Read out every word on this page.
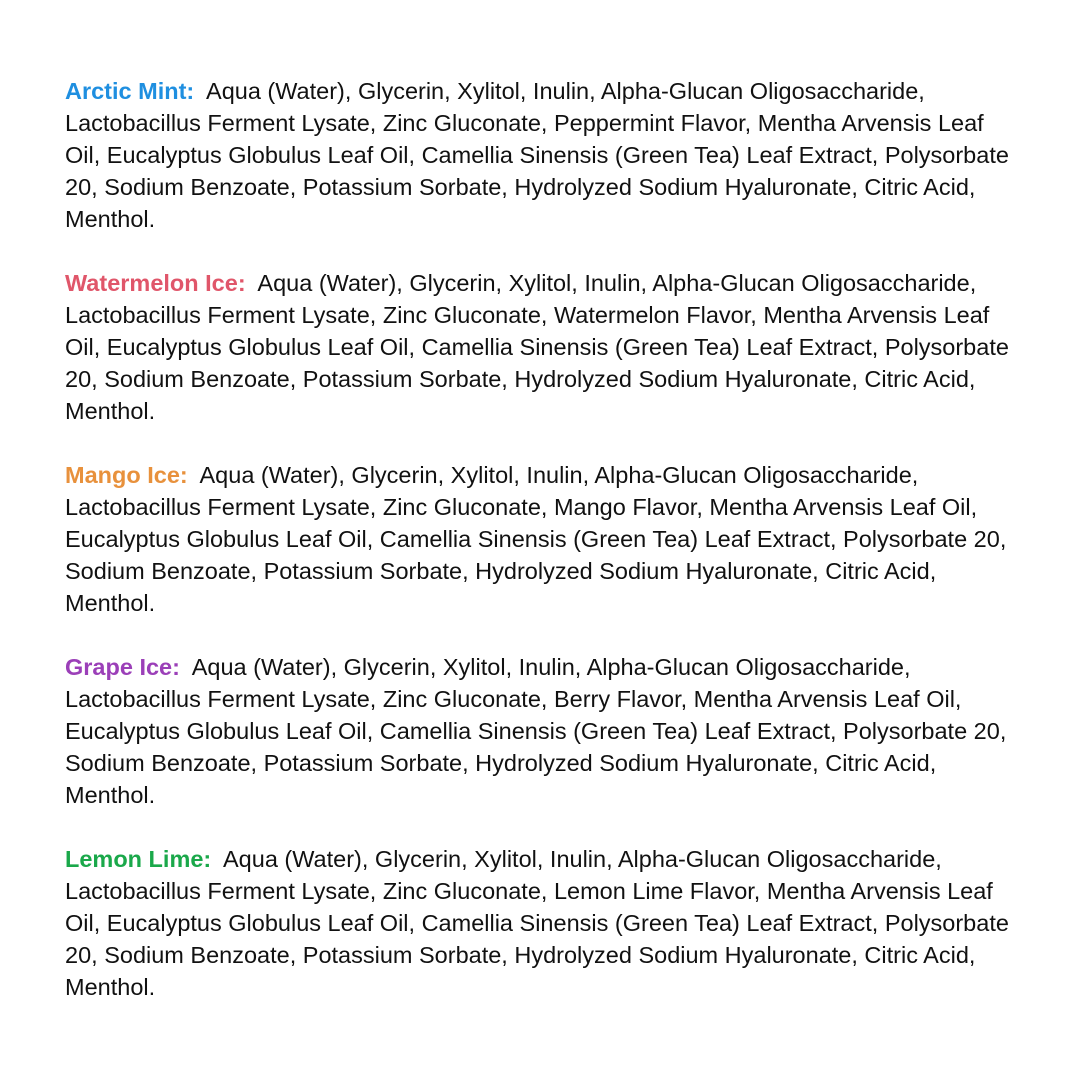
Arctic Mint: Aqua (Water), Glycerin, Xylitol, Inulin, Alpha-Glucan Oligosaccharide, Lactobacillus Ferment Lysate, Zinc Gluconate, Peppermint Flavor, Mentha Arvensis Leaf Oil, Eucalyptus Globulus Leaf Oil, Camellia Sinensis (Green Tea) Leaf Extract, Polysorbate 20, Sodium Benzoate, Potassium Sorbate, Hydrolyzed Sodium Hyaluronate, Citric Acid, Menthol.

Watermelon Ice: Aqua (Water), Glycerin, Xylitol, Inulin, Alpha-Glucan Oligosaccharide, Lactobacillus Ferment Lysate, Zinc Gluconate, Watermelon Flavor, Mentha Arvensis Leaf Oil, Eucalyptus Globulus Leaf Oil, Camellia Sinensis (Green Tea) Leaf Extract, Polysorbate 20, Sodium Benzoate, Potassium Sorbate, Hydrolyzed Sodium Hyaluronate, Citric Acid, Menthol.

Mango Ice: Aqua (Water), Glycerin, Xylitol, Inulin, Alpha-Glucan Oligosaccharide, Lactobacillus Ferment Lysate, Zinc Gluconate, Mango Flavor, Mentha Arvensis Leaf Oil, Eucalyptus Globulus Leaf Oil, Camellia Sinensis (Green Tea) Leaf Extract, Polysorbate 20, Sodium Benzoate, Potassium Sorbate, Hydrolyzed Sodium Hyaluronate, Citric Acid, Menthol.

Grape Ice: Aqua (Water), Glycerin, Xylitol, Inulin, Alpha-Glucan Oligosaccharide, Lactobacillus Ferment Lysate, Zinc Gluconate, Berry Flavor, Mentha Arvensis Leaf Oil, Eucalyptus Globulus Leaf Oil, Camellia Sinensis (Green Tea) Leaf Extract, Polysorbate 20, Sodium Benzoate, Potassium Sorbate, Hydrolyzed Sodium Hyaluronate, Citric Acid, Menthol.

Lemon Lime: Aqua (Water), Glycerin, Xylitol, Inulin, Alpha-Glucan Oligosaccharide, Lactobacillus Ferment Lysate, Zinc Gluconate, Lemon Lime Flavor, Mentha Arvensis Leaf Oil, Eucalyptus Globulus Leaf Oil, Camellia Sinensis (Green Tea) Leaf Extract, Polysorbate 20, Sodium Benzoate, Potassium Sorbate, Hydrolyzed Sodium Hyaluronate, Citric Acid, Menthol.
